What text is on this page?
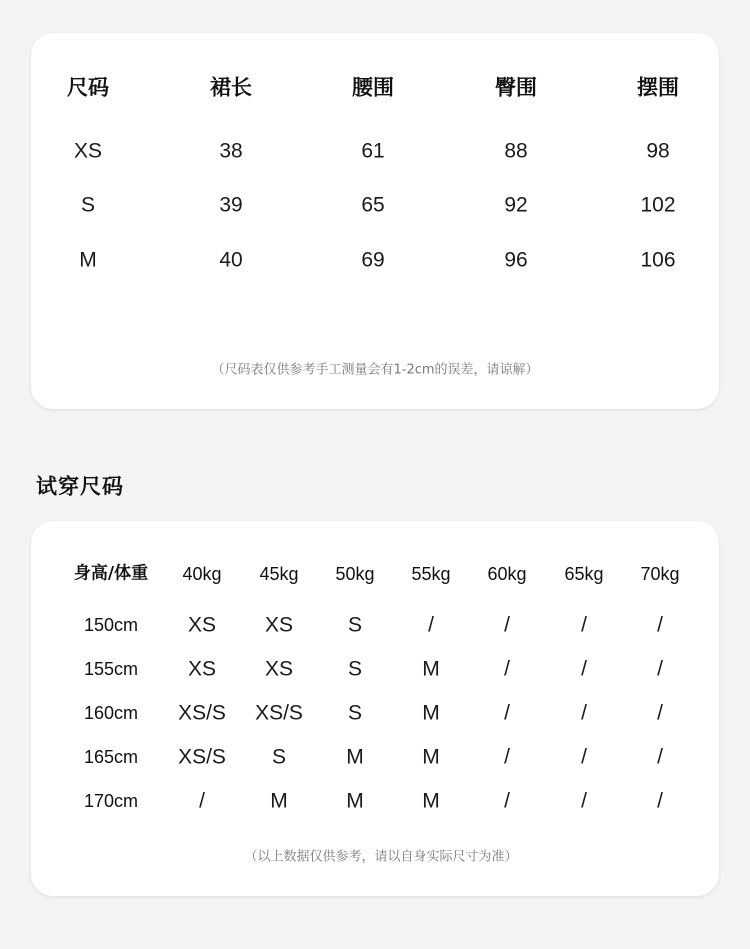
尺码	裙长	腰围	臀围	摆围
XS	38	61	88	98
S	39	65	92	102
M	40	69	96	106
（尺码表仅供参考手工测量会有1-2cm的误差，请谅解）
试穿尺码
身高/体重 40kg 45kg 50kg 55kg 60kg 65kg 70kg
150cm XS XS	S	/	/	/	/
155cm XS XS	S	M	/	/	/
160cm XS/S XS/S S	M	/	/	/
165cm XS/S S	M	M	/	/	/
170cm	/	M	M	M	/	/	/
（以上数据仅供参考，请以自身实际尺寸为准）
